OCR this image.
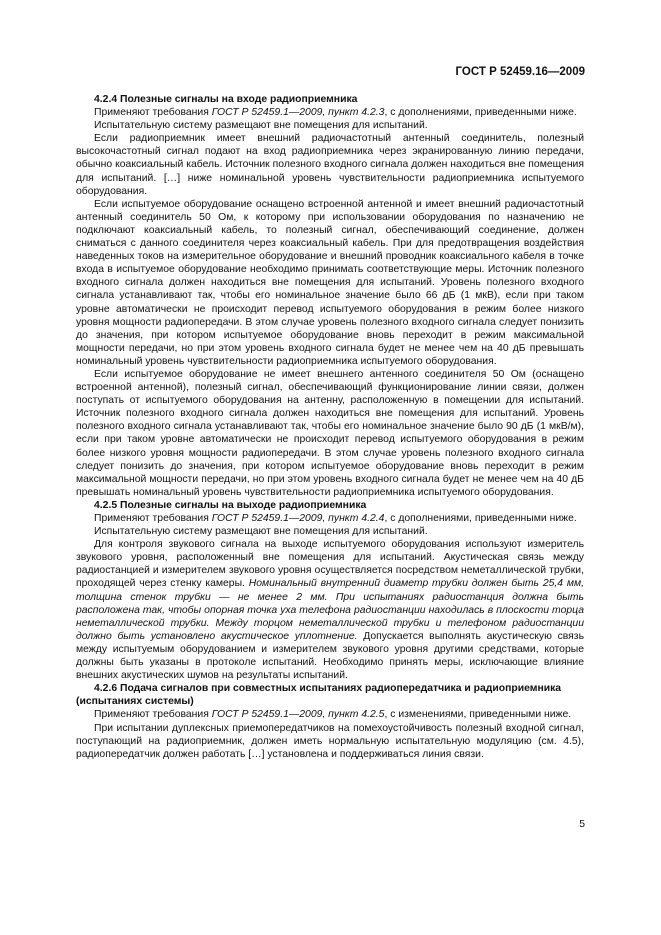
ГОСТ Р 52459.16—2009
4.2.4 Полезные сигналы на входе радиоприемника

Применяют требования ГОСТ Р 52459.1—2009, пункт 4.2.3, с дополнениями, приведенными ниже.

Испытательную систему размещают вне помещения для испытаний.

Если радиоприемник имеет внешний радиочастотный антенный соединитель, полезный высокочастотный сигнал подают на вход радиоприемника через экранированную линию передачи, обычно коаксиальный кабель. Источник полезного входного сигнала должен находиться вне помещения для испытаний. […] ниже номинальной уровень чувствительности радиоприемника испытуемого оборудования.

Если испытуемое оборудование оснащено встроенной антенной и имеет внешний радиочастотный антенный соединитель 50 Ом, к которому при использовании оборудования по назначению не подключают коаксиальный кабель, то полезный сигнал, обеспечивающий соединение, должен сниматься с данного соединителя через коаксиальный кабель. При для предотвращения воздействия наведенных токов на измерительное оборудование и внешний проводник коаксиального кабеля в точке входа в испытуемое оборудование необходимо принимать соответствующие меры. Источник полезного входного сигнала должен находиться вне помещения для испытаний. Уровень полезного входного сигнала устанавливают так, чтобы его номинальное значение было 66 дБ (1 мкВ), если при таком уровне автоматически не происходит перевод испытуемого оборудования в режим более низкого уровня мощности радиопередачи. В этом случае уровень полезного входного сигнала следует понизить до значения, при котором испытуемое оборудование вновь переходит в режим максимальной мощности передачи, но при этом уровень входного сигнала будет не менее чем на 40 дБ превышать номинальный уровень чувствительности радиоприемника испытуемого оборудования.

Если испытуемое оборудование не имеет внешнего антенного соединителя 50 Ом (оснащено встроенной антенной), полезный сигнал, обеспечивающий функционирование линии связи, должен поступать от испытуемого оборудования на антенну, расположенную в помещении для испытаний. Источник полезного входного сигнала должен находиться вне помещения для испытаний. Уровень полезного входного сигнала устанавливают так, чтобы его номинальное значение было 90 дБ (1 мкВ/м), если при таком уровне автоматически не происходит перевод испытуемого оборудования в режим более низкого уровня мощности радиопередачи. В этом случае уровень полезного входного сигнала следует понизить до значения, при котором испытуемое оборудование вновь переходит в режим максимальной мощности передачи, но при этом уровень входного сигнала будет не менее чем на 40 дБ превышать номинальный уровень чувствительности радиоприемника испытуемого оборудования.

4.2.5 Полезные сигналы на выходе радиоприемника

Применяют требования ГОСТ Р 52459.1—2009, пункт 4.2.4, с дополнениями, приведенными ниже.

Испытательную систему размещают вне помещения для испытаний.

Для контроля звукового сигнала на выходе испытуемого оборудования используют измеритель звукового уровня, расположенный вне помещения для испытаний. Акустическая связь между радиостанцией и измерителем звукового уровня осуществляется посредством неметаллической трубки, проходящей через стенку камеры. Номинальный внутренний диаметр трубки должен быть 25,4 мм, толщина стенок трубки — не менее 2 мм. При испытаниях радиостанция должна быть расположена так, чтобы опорная точка уха телефона радиостанции находилась в плоскости торца неметаллической трубки. Между торцом неметаллической трубки и телефоном радиостанции должно быть установлено акустическое уплотнение. Допускается выполнять акустическую связь между испытуемым оборудованием и измерителем звукового уровня другими средствами, которые должны быть указаны в протоколе испытаний. Необходимо принять меры, исключающие влияние внешних акустических шумов на результаты испытаний.

4.2.6 Подача сигналов при совместных испытаниях радиопередатчика и радиоприемника (испытаниях системы)

Применяют требования ГОСТ Р 52459.1—2009, пункт 4.2.5, с изменениями, приведенными ниже.

При испытании дуплексных приемопередатчиков на помехоустойчивость полезный входной сигнал, поступающий на радиоприемник, должен иметь нормальную испытательную модуляцию (см. 4.5), радиопередатчик должен работать […] установлена и поддерживаться линия связи.

5
